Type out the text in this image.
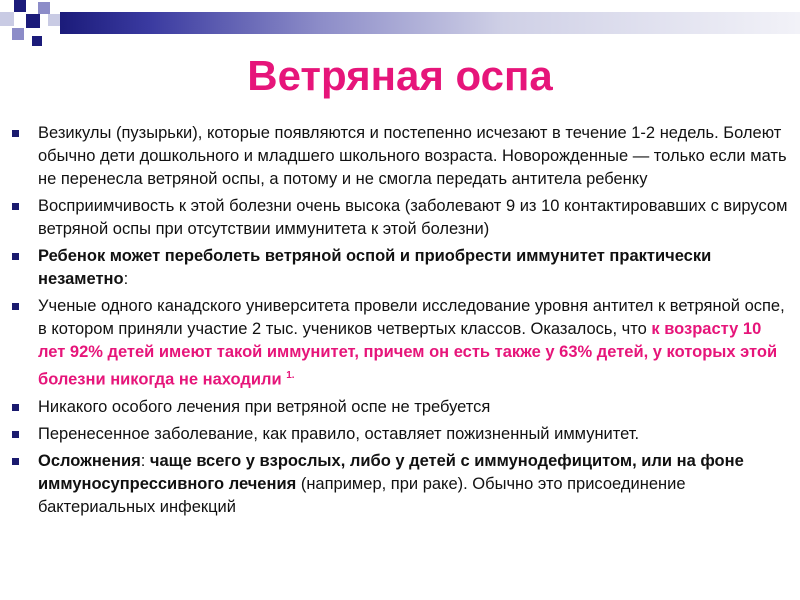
Ветряная оспа
Везикулы (пузырьки), которые появляются и постепенно исчезают в течение 1-2 недель. Болеют обычно дети дошкольного и младшего школьного возраста. Новорожденные — только если мать не перенесла ветряной оспы, а потому и не смогла передать антитела ребенку
Восприимчивость к этой болезни очень высока (заболевают 9 из 10 контактировавших с вирусом ветряной оспы при отсутствии иммунитета к этой болезни)
Ребенок может переболеть ветряной оспой и приобрести иммунитет практически незаметно:
Ученые одного канадского университета провели исследование уровня антител к ветряной оспе, в котором приняли участие 2 тыс. учеников четвертых классов. Оказалось, что к возрасту 10 лет 92% детей имеют такой иммунитет, причем он есть также у 63% детей, у которых этой болезни никогда не находили $^{1.}$
Никакого особого лечения при ветряной оспе не требуется
Перенесенное заболевание, как правило, оставляет пожизненный иммунитет.
Осложнения: чаще всего у взрослых, либо у детей с иммунодефицитом, или на фоне иммуносупрессивного лечения (например, при раке). Обычно это присоединение бактериальных инфекций
